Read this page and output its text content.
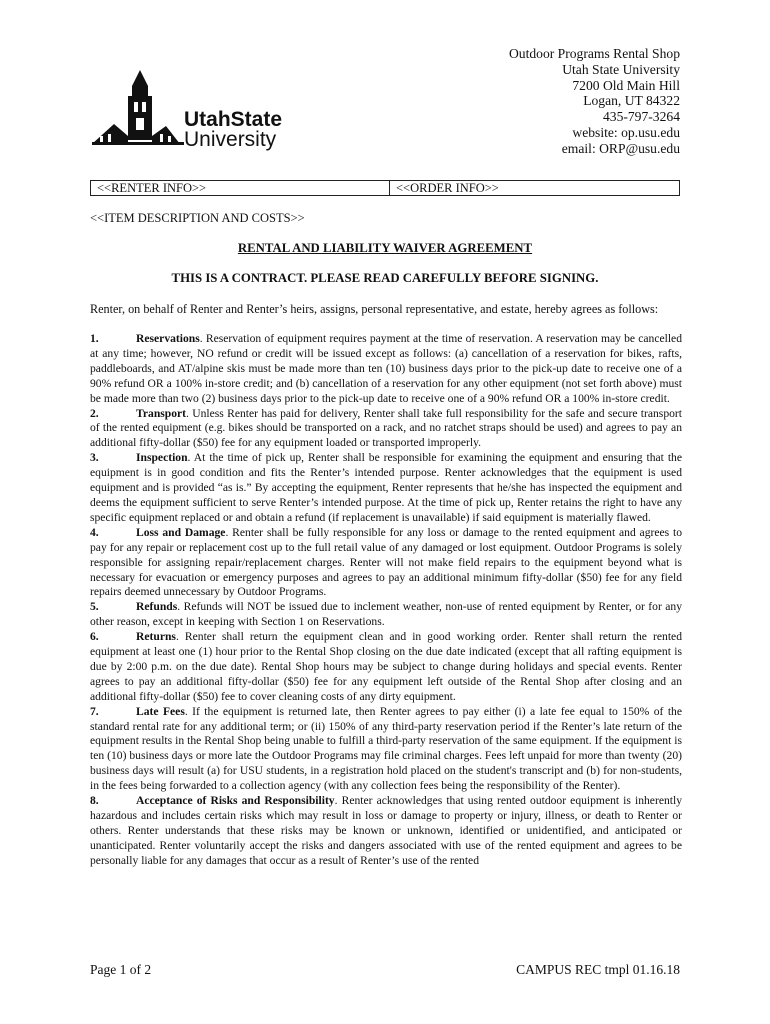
UtahState
University
Outdoor Programs Rental Shop
Utah State University
7200 Old Main Hill
Logan, UT 84322
435-797-3264
website: op.usu.edu
email: ORP@usu.edu
<<RENTER INFO>>	<<ORDER INFO>>
<<ITEM DESCRIPTION AND COSTS>>
RENTAL AND LIABILITY WAIVER AGREEMENT
THIS IS A CONTRACT. PLEASE READ CAREFULLY BEFORE SIGNING.
Renter, on behalf of Renter and Renter’s heirs, assigns, personal representative, and estate, hereby agrees as follows:

1.	Reservations. Reservation of equipment requires payment at the time of reservation. A reservation may be cancelled at any time; however, NO refund or credit will be issued except as follows: (a) cancellation of a reservation for bikes, rafts, paddleboards, and AT/alpine skis must be made more than ten (10) business days prior to the pick-up date to receive one of a 90% refund OR a 100% in-store credit; and (b) cancellation of a reservation for any other equipment (not set forth above) must be made more than two (2) business days prior to the pick-up date to receive one of a 90% refund OR a 100% in-store credit.

2.	Transport. Unless Renter has paid for delivery, Renter shall take full responsibility for the safe and secure transport of the rented equipment (e.g. bikes should be transported on a rack, and no ratchet straps should be used) and agrees to pay an additional fifty-dollar ($50) fee for any equipment loaded or transported improperly.

3.	Inspection. At the time of pick up, Renter shall be responsible for examining the equipment and ensuring that the equipment is in good condition and fits the Renter’s intended purpose. Renter acknowledges that the equipment is used equipment and is provided “as is.” By accepting the equipment, Renter represents that he/she has inspected the equipment and deems the equipment sufficient to serve Renter’s intended purpose. At the time of pick up, Renter retains the right to have any specific equipment replaced or and obtain a refund (if replacement is unavailable) if said equipment is materially flawed.

4.	Loss and Damage. Renter shall be fully responsible for any loss or damage to the rented equipment and agrees to pay for any repair or replacement cost up to the full retail value of any damaged or lost equipment. Outdoor Programs is solely responsible for assigning repair/replacement charges. Renter will not make field repairs to the equipment beyond what is necessary for evacuation or emergency purposes and agrees to pay an additional minimum fifty-dollar ($50) fee for any field repairs deemed unnecessary by Outdoor Programs.

5.	Refunds. Refunds will NOT be issued due to inclement weather, non-use of rented equipment by Renter, or for any other reason, except in keeping with Section 1 on Reservations.

6.	Returns. Renter shall return the equipment clean and in good working order. Renter shall return the rented equipment at least one (1) hour prior to the Rental Shop closing on the due date indicated (except that all rafting equipment is due by 2:00 p.m. on the due date). Rental Shop hours may be subject to change during holidays and special events. Renter agrees to pay an additional fifty-dollar ($50) fee for any equipment left outside of the Rental Shop after closing and an additional fifty-dollar ($50) fee to cover cleaning costs of any dirty equipment.

7.	Late Fees. If the equipment is returned late, then Renter agrees to pay either (i) a late fee equal to 150% of the standard rental rate for any additional term; or (ii) 150% of any third-party reservation period if the Renter’s late return of the equipment results in the Rental Shop being unable to fulfill a third-party reservation of the same equipment. If the equipment is ten (10) business days or more late the Outdoor Programs may file criminal charges. Fees left unpaid for more than twenty (20) business days will result (a) for USU students, in a registration hold placed on the student's transcript and (b) for non-students, in the fees being forwarded to a collection agency (with any collection fees being the responsibility of the Renter).

8.	Acceptance of Risks and Responsibility. Renter acknowledges that using rented outdoor equipment is inherently hazardous and includes certain risks which may result in loss or damage to property or injury, illness, or death to Renter or others. Renter understands that these risks may be known or unknown, identified or unidentified, and anticipated or unanticipated. Renter voluntarily accept the risks and dangers associated with use of the rented equipment and agrees to be personally liable for any damages that occur as a result of Renter’s use of the rented

Page 1 of 2	CAMPUS REC tmpl 01.16.18
